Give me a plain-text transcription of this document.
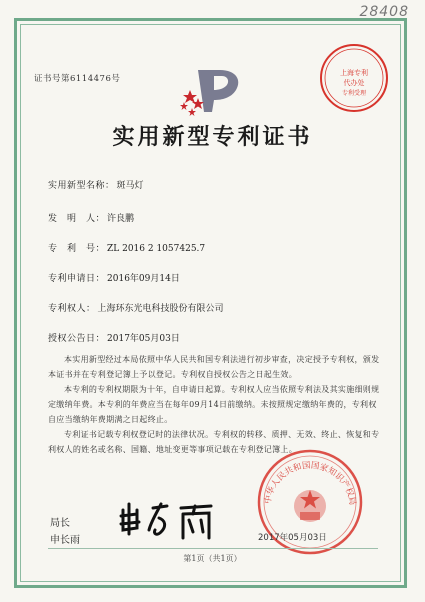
28408
证书号第6114476号
上海专利
代办处
专利受理
实用新型专利证书
实用新型名称： 斑马灯
发　明　人： 许良鹏
专　利　号： ZL 2016 2 1057425.7
专利申请日： 2016年09月14日
专利权人： 上海环东光电科技股份有限公司
授权公告日： 2017年05月03日

本实用新型经过本局依照中华人民共和国专利法进行初步审查，决定授予专利权，颁发本证书并在专利登记簿上予以登记。专利权自授权公告之日起生效。

本专利的专利权期限为十年，自申请日起算。专利权人应当依照专利法及其实施细则规定缴纳年费。本专利的年费应当在每年09月14日前缴纳。未按照规定缴纳年费的，专利权自应当缴纳年费期满之日起终止。

专利证书记载专利权登记时的法律状况。专利权的转移、质押、无效、终止、恢复和专利权人的姓名或名称、国籍、地址变更等事项记载在专利登记簿上。

局长
申长雨
中华人民共和国国家知识产权局
2017年05月03日
第1页（共1页）
